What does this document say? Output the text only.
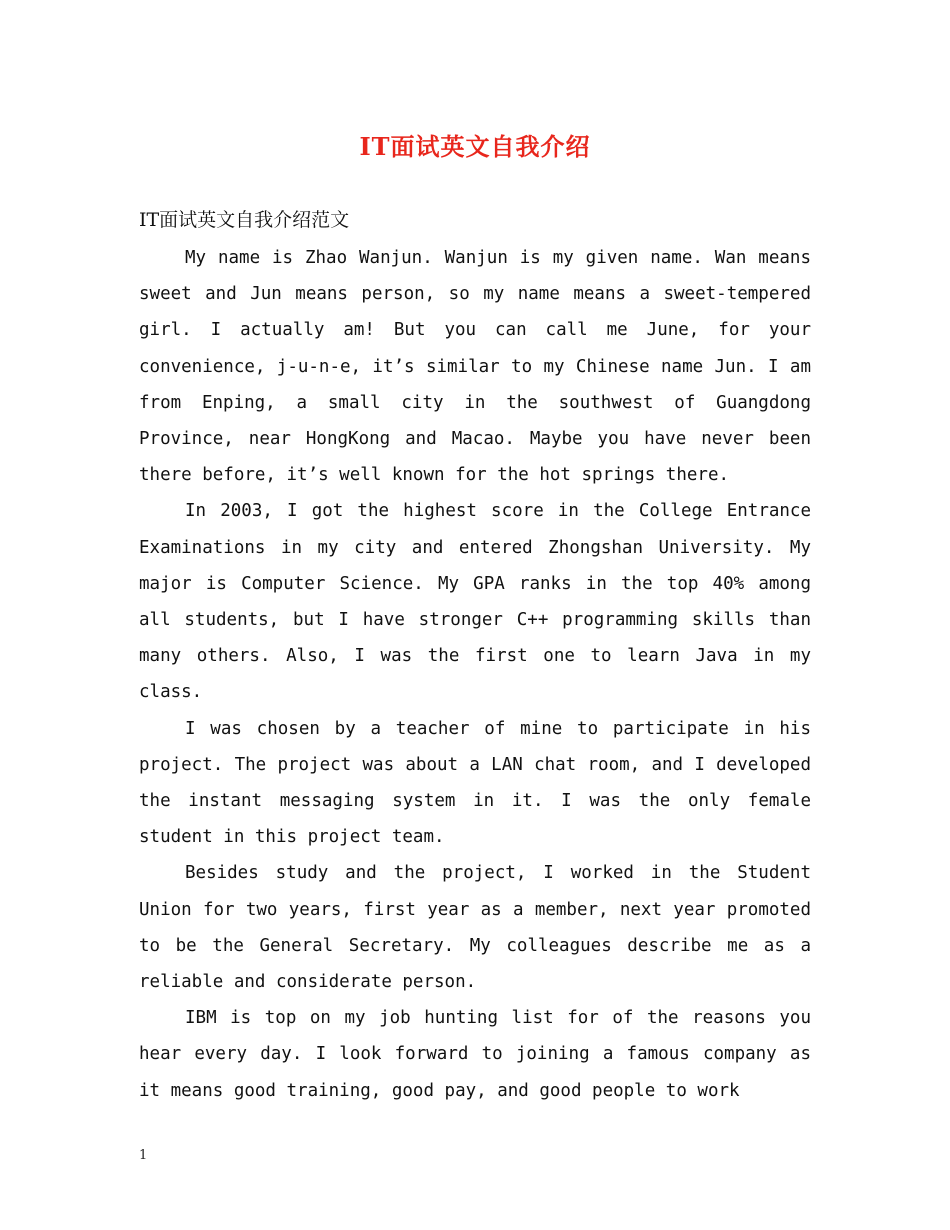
IT面试英文自我介绍
IT面试英文自我介绍范文

My name is Zhao Wanjun. Wanjun is my given name. Wan means sweet and Jun means person, so my name means a sweet-tempered girl. I actually am! But you can call me June, for your convenience, j-u-n-e, it’s similar to my Chinese name Jun. I am from Enping, a small city in the southwest of Guangdong Province, near HongKong and Macao. Maybe you have never been there before, it’s well known for the hot springs there.

In 2003, I got the highest score in the College Entrance Examinations in my city and entered Zhongshan University. My major is Computer Science. My GPA ranks in the top 40% among all students, but I have stronger C++ programming skills than many others. Also, I was the first one to learn Java in my class.

I was chosen by a teacher of mine to participate in his project. The project was about a LAN chat room, and I developed the instant messaging system in it. I was the only female student in this project team.

Besides study and the project, I worked in the Student Union for two years, first year as a member, next year promoted to be the General Secretary. My colleagues describe me as a reliable and considerate person.

IBM is top on my job hunting list for of the reasons you hear every day. I look forward to joining a famous company as it means good training, good pay, and good people to work

1
